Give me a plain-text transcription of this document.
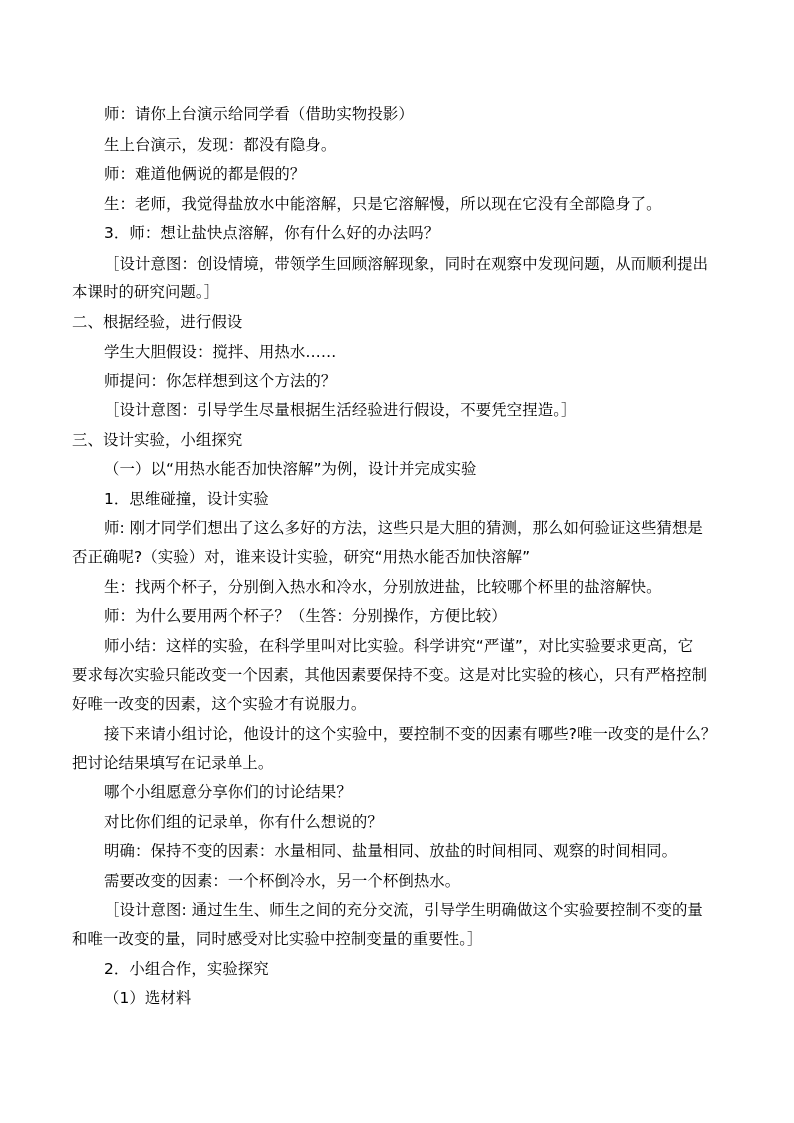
师：请你上台演示给同学看（借助实物投影）

生上台演示，发现：都没有隐身。

师：难道他俩说的都是假的？

生：老师，我觉得盐放水中能溶解，只是它溶解慢，所以现在它没有全部隐身了。

3．师：想让盐快点溶解，你有什么好的办法吗？

［设计意图：创设情境，带领学生回顾溶解现象，同时在观察中发现问题，从而顺利提出

本课时的研究问题。］

二、根据经验，进行假设

学生大胆假设：搅拌、用热水……

师提问：你怎样想到这个方法的？

［设计意图：引导学生尽量根据生活经验进行假设，不要凭空捏造。］

三、设计实验，小组探究

（一）以“用热水能否加快溶解”为例，设计并完成实验

1．思维碰撞，设计实验

师: 刚才同学们想出了这么多好的方法，这些只是大胆的猜测，那么如何验证这些猜想是

否正确呢?（实验）对，谁来设计实验，研究“用热水能否加快溶解”

生：找两个杯子，分别倒入热水和冷水，分别放进盐，比较哪个杯里的盐溶解快。

师：为什么要用两个杯子？（生答：分别操作，方便比较）

师小结：这样的实验，在科学里叫对比实验。科学讲究“严谨”，对比实验要求更高，它

要求每次实验只能改变一个因素，其他因素要保持不变。这是对比实验的核心，只有严格控制

好唯一改变的因素，这个实验才有说服力。

接下来请小组讨论，他设计的这个实验中，要控制不变的因素有哪些?唯一改变的是什么？

把讨论结果填写在记录单上。

哪个小组愿意分享你们的讨论结果？

对比你们组的记录单，你有什么想说的？

明确：保持不变的因素：水量相同、盐量相同、放盐的时间相同、观察的时间相同。

需要改变的因素：一个杯倒冷水，另一个杯倒热水。

［设计意图: 通过生生、师生之间的充分交流，引导学生明确做这个实验要控制不变的量

和唯一改变的量，同时感受对比实验中控制变量的重要性。］

2．小组合作，实验探究

（1）选材料
